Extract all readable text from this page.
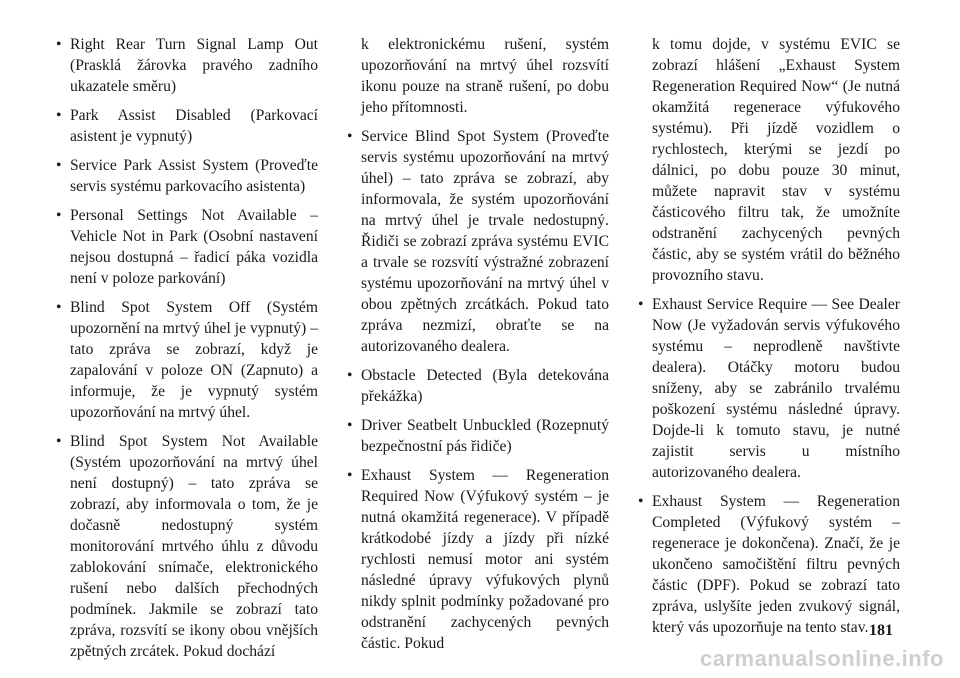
• Right Rear Turn Signal Lamp Out (Prasklá žárovka pravého zadního ukazatele směru)
• Park Assist Disabled (Parkovací asistent je vypnutý)
• Service Park Assist System (Proveďte servis systému parkovacího asistenta)
• Personal Settings Not Available – Vehicle Not in Park (Osobní nastavení nejsou dostupná – řadicí páka vozidla není v poloze parkování)
• Blind Spot System Off (Systém upozornění na mrtvý úhel je vypnutý) – tato zpráva se zobrazí, když je zapalování v poloze ON (Zapnuto) a informuje, že je vypnutý systém upozorňování na mrtvý úhel.
• Blind Spot System Not Available (Systém upozorňování na mrtvý úhel není dostupný) – tato zpráva se zobrazí, aby informovala o tom, že je dočasně nedostupný systém monitorování mrtvého úhlu z důvodu zablokování snímače, elektronického rušení nebo dalších přechodných podmínek. Jakmile se zobrazí tato zpráva, rozsvítí se ikony obou vnějších zpětných zrcátek. Pokud dochází
k elektronickému rušení, systém upozorňování na mrtvý úhel rozsvítí ikonu pouze na straně rušení, po dobu jeho přítomnosti.
• Service Blind Spot System (Proveďte servis systému upozorňování na mrtvý úhel) – tato zpráva se zobrazí, aby informovala, že systém upozorňování na mrtvý úhel je trvale nedostupný. Řidiči se zobrazí zpráva systému EVIC a trvale se rozsvítí výstražné zobrazení systému upozorňování na mrtvý úhel v obou zpětných zrcátkách. Pokud tato zpráva nezmizí, obraťte se na autorizovaného dealera.
• Obstacle Detected (Byla detekována překážka)
• Driver Seatbelt Unbuckled (Rozepnutý bezpečnostní pás řidiče)
• Exhaust System — Regeneration Required Now (Výfukový systém – je nutná okamžitá regenerace). V případě krátkodobé jízdy a jízdy při nízké rychlosti nemusí motor ani systém následné úpravy výfukových plynů nikdy splnit podmínky požadované pro odstranění zachycených pevných částic. Pokud
k tomu dojde, v systému EVIC se zobrazí hlášení „Exhaust System Regeneration Required Now“ (Je nutná okamžitá regenerace výfukového systému). Při jízdě vozidlem o rychlostech, kterými se jezdí po dálnici, po dobu pouze 30 minut, můžete napravit stav v systému částicového filtru tak, že umožníte odstranění zachycených pevných částic, aby se systém vrátil do běžného provozního stavu.
• Exhaust Service Require — See Dealer Now (Je vyžadován servis výfukového systému – neprodleně navštivte dealera). Otáčky motoru budou sníženy, aby se zabránilo trvalému poškození systému následné úpravy. Dojde-li k tomuto stavu, je nutné zajistit servis u místního autorizovaného dealera.
• Exhaust System — Regeneration Completed (Výfukový systém – regenerace je dokončena). Značí, že je ukončeno samočištění filtru pevných částic (DPF). Pokud se zobrazí tato zpráva, uslyšíte jeden zvukový signál, který vás upozorňuje na tento stav. 181
carmanualsonline.info
